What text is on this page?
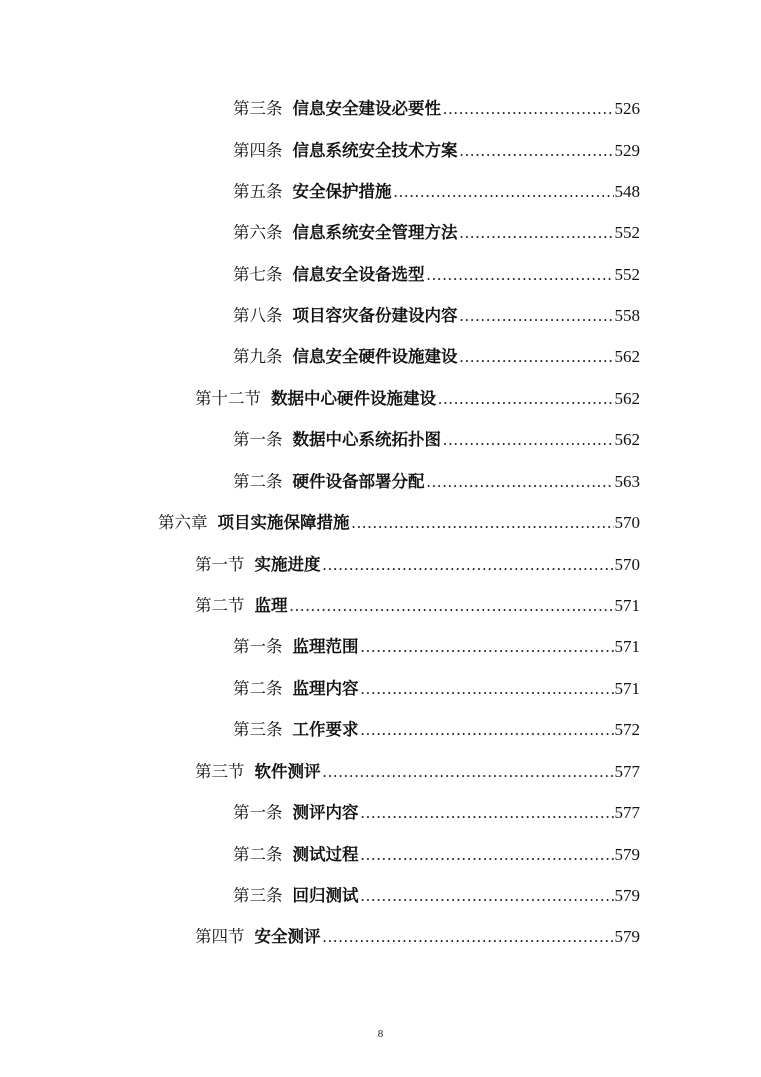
第三条 信息安全建设必要性 .....	526
第四条 信息系统安全技术方案 .....	529
第五条 安全保护措施 .....	548
第六条 信息系统安全管理方法 .....	552
第七条 信息安全设备选型 .....	552
第八条 项目容灾备份建设内容 .....	558
第九条 信息安全硬件设施建设 .....	562
第十二节 数据中心硬件设施建设 .....	562
第一条 数据中心系统拓扑图 .....	562
第二条 硬件设备部署分配 .....	563
第六章 项目实施保障措施 .....	570
第一节 实施进度 .....	570
第二节 监理 .....	571
第一条 监理范围 .....	571
第二条 监理内容 .....	571
第三条 工作要求 .....	572
第三节 软件测评 .....	577
第一条 测评内容 .....	577
第二条 测试过程 .....	579
第三条 回归测试 .....	579
第四节 安全测评 .....	579
8
